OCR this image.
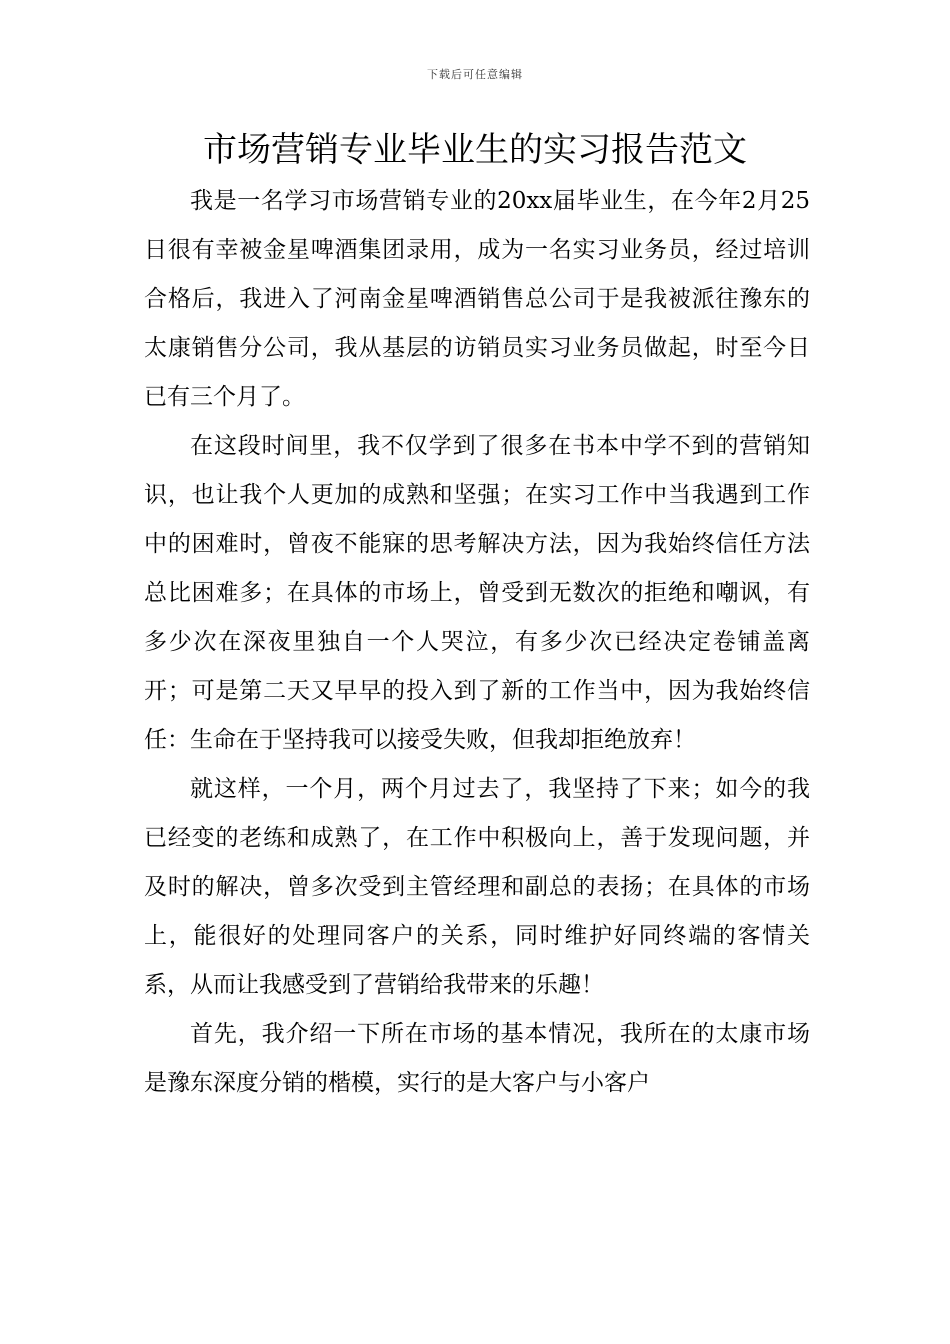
下载后可任意编辑
市场营销专业毕业生的实习报告范文

我是一名学习市场营销专业的20xx届毕业生，在今年2月25日很有幸被金星啤酒集团录用，成为一名实习业务员，经过培训合格后，我进入了河南金星啤酒销售总公司于是我被派往豫东的太康销售分公司，我从基层的访销员实习业务员做起，时至今日已有三个月了。

在这段时间里，我不仅学到了很多在书本中学不到的营销知识，也让我个人更加的成熟和坚强；在实习工作中当我遇到工作中的困难时，曾夜不能寐的思考解决方法，因为我始终信任方法总比困难多；在具体的市场上，曾受到无数次的拒绝和嘲讽，有多少次在深夜里独自一个人哭泣，有多少次已经决定卷铺盖离开；可是第二天又早早的投入到了新的工作当中，因为我始终信任：生命在于坚持我可以接受失败，但我却拒绝放弃！

就这样，一个月，两个月过去了，我坚持了下来；如今的我已经变的老练和成熟了，在工作中积极向上，善于发现问题，并及时的解决，曾多次受到主管经理和副总的表扬；在具体的市场上，能很好的处理同客户的关系，同时维护好同终端的客情关系，从而让我感受到了营销给我带来的乐趣！

首先，我介绍一下所在市场的基本情况，我所在的太康市场是豫东深度分销的楷模，实行的是大客户与小客户
